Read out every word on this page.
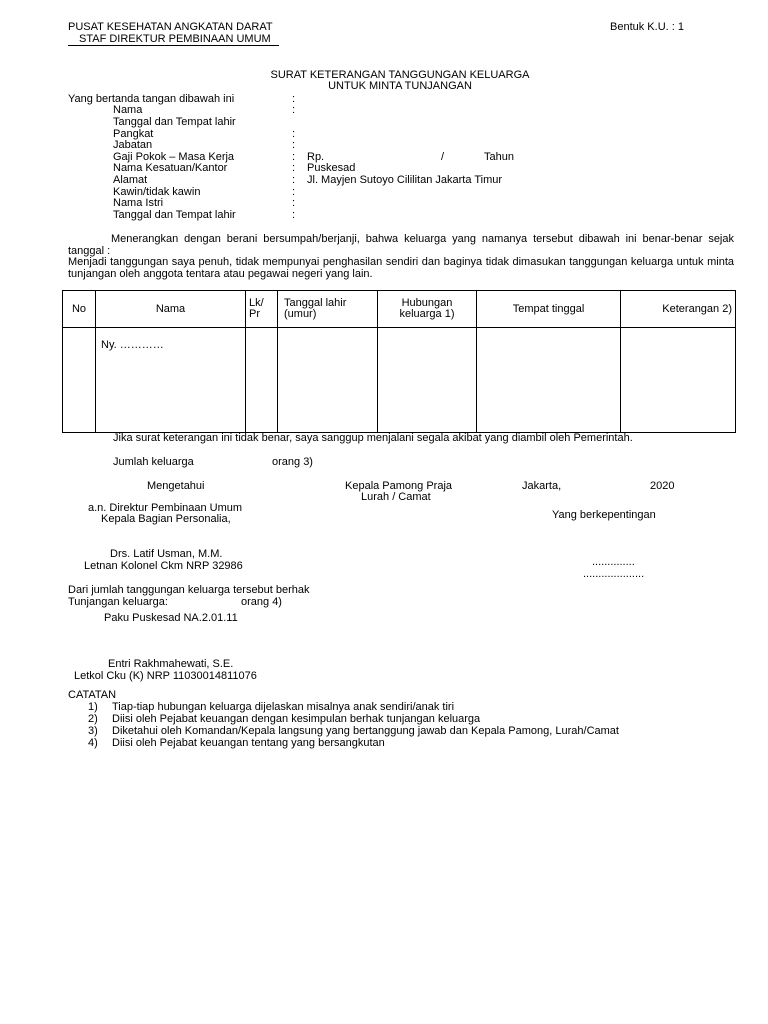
PUSAT KESEHATAN ANGKATAN DARAT
STAF DIREKTUR PEMBINAAN UMUM
Bentuk K.U. : 1
SURAT KETERANGAN TANGGUNGAN KELUARGA
UNTUK MINTA TUNJANGAN
Yang bertanda tangan dibawah ini	:
Nama	:
Tanggal dan Tempat lahir
Pangkat	:
Jabatan	:
Gaji Pokok – Masa Kerja	: Rp.	/	Tahun
Nama Kesatuan/Kantor	: Puskesad
Alamat	: Jl. Mayjen Sutoyo Cililitan Jakarta Timur
Kawin/tidak kawin	:
Nama Istri	:
Tanggal dan Tempat lahir	:
Menerangkan dengan berani bersumpah/berjanji, bahwa keluarga yang namanya tersebut dibawah ini benar-benar sejak tanggal :
Menjadi tanggungan saya penuh, tidak mempunyai penghasilan sendiri dan baginya tidak dimasukan tanggungan keluarga untuk minta tunjangan oleh anggota tentara atau pegawai negeri yang lain.
No	Nama	Lk/ Pr	Tanggal lahir (umur)	Hubungan keluarga 1)	Tempat tinggal	Keterangan 2)
	Ny. …………					
Jika surat keterangan ini tidak benar, saya sanggup menjalani segala akibat yang diambil oleh Pemerintah.
Jumlah keluarga	orang 3)
Mengetahui	Kepala Pamong Praja
Lurah / Camat
Jakarta,	2020
a.n. Direktur Pembinaan Umum
Kepala Bagian Personalia,	Yang berkepentingan
Drs. Latif Usman, M.M.
Letnan Kolonel Ckm NRP 32986	..............
....................
Dari jumlah tanggungan keluarga tersebut berhak
Tunjangan keluarga:	orang 4)
Paku Puskesad NA.2.01.11
Entri Rakhmahewati, S.E.
Letkol Cku (K) NRP 11030014811076
CATATAN
1) Tiap-tiap hubungan keluarga dijelaskan misalnya anak sendiri/anak tiri
2) Diisi oleh Pejabat keuangan dengan kesimpulan berhak tunjangan keluarga
3) Diketahui oleh Komandan/Kepala langsung yang bertanggung jawab dan Kepala Pamong, Lurah/Camat
4) Diisi oleh Pejabat keuangan tentang yang bersangkutan
